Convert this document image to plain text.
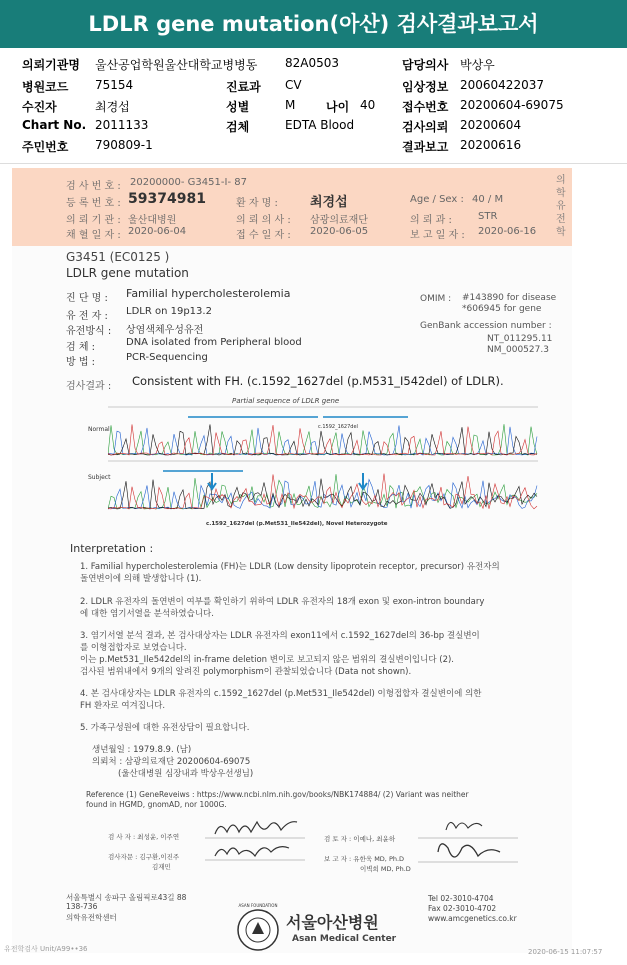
LDLR gene mutation(아산) 검사결과보고서
의뢰기관명 울산공업학원울산대학교병병동 82A0503	담당의사 박상우
병원코드 75154	진료과 CV	임상정보 20060422037
수진자	최경섭	성별	M	나이 40 접수번호 20200604-69075
Chart No. 2011133	검체	EDTA Blood	검사의뢰 20200604
주민번호 790809-1	결과보고 20200616
검 사 번 호 : 20200000- G3451-I- 87
등 록 번 호 : 59374981	환 자 명 : 최경섭	Age / Sex : 40 / M
의 뢰 기 관 : 울산대병원	의 뢰 의 사 : 삼광의료재단	의 뢰 과 :	STR
채 혈 일 자 : 2020-06-04	접 수 일 자 : 2020-06-05	보 고 일 자 : 2020-06-16
의학유전학
G3451 (EC0125 )
LDLR gene mutation
진 단 명 : Familial hypercholesterolemia
유 전 자 : LDLR on 19p13.2
유전방식 : 상염색체우성유전
검 체 :	DNA isolated from Peripheral blood
방 법 :	PCR-Sequencing
OMIM : #143890 for disease
*606945 for gene
GenBank accession number :
NT_011295.11
NM_000527.3
검사결과 : Consistent with FH. (c.1592_1627del (p.M531_I542del) of LDLR).
Partial sequence of LDLR gene
Normal
Subject
c.1592_1627del
c.1592_1627del (p.Met531_Ile542del), Novel Heterozygote
Interpretation :
1. Familial hypercholesterolemia (FH)는 LDLR (Low density lipoprotein receptor, precursor) 유전자의
돌연변이에 의해 발생합니다 (1).
2. LDLR 유전자의 돌연변이 여부를 확인하기 위하여 LDLR 유전자의 18개 exon 및 exon-intron boundary
에 대한 염기서열을 분석하였습니다.
3. 염기서열 분석 결과, 본 검사대상자는 LDLR 유전자의 exon11에서 c.1592_1627del의 36-bp 결실변이
를 이형접합자로 보였습니다.
이는 p.Met531_Ile542del의 in-frame deletion 변이로 보고되지 않은 범위의 결실변이입니다 (2).
검사된 범위내에서 9개의 알려진 polymorphism이 관찰되었습니다 (Data not shown).
4. 본 검사대상자는 LDLR 유전자의 c.1592_1627del (p.Met531_Ile542del) 이형접합자 결실변이에 의한
FH 환자로 여겨집니다.
5. 가족구성원에 대한 유전상담이 필요합니다.
생년월일 : 1979.8.9. (남)
의뢰처 : 삼광의료재단 20200604-69075
(울산대병원 심장내과 박상우선생님)
Reference (1) GeneReveiws : https://www.ncbi.nlm.nih.gov/books/NBK174884/ (2) Variant was neither
found in HGMD, gnomAD, nor 1000G.
검 사 자 : 최성윤, 이주연
검사자문 : 김구환,이진주
김재민
검 토 자 : 이예나, 최윤하
보 고 자 : 유한욱 MD, Ph.D
이벽희 MD, Ph.D
서울특별시 송파구 올림픽로43길 88
138-736
의학유전학센터
ASAN FOUNDATION
서울아산병원
Asan Medical Center
Tel 02-3010-4704
Fax 02-3010-4702
www.amcgenetics.co.kr
유전학검사 Unit/A99••36	2020-06-15 11:07:57
